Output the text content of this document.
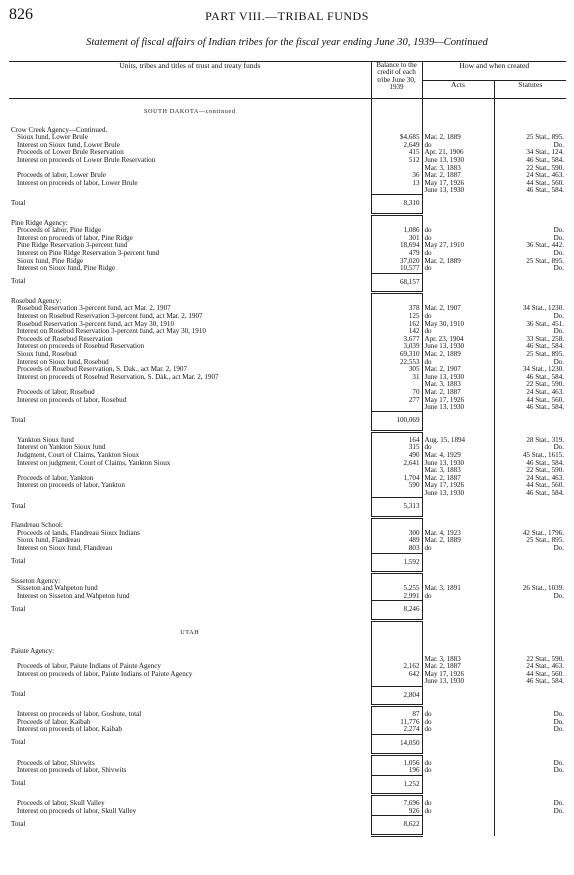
826	PART VIII.—TRIBAL FUNDS
Statement of fiscal affairs of Indian tribes for the fiscal year ending June 30, 1939—Continued
Units, tribes and titles of trust and treaty funds	Balance to the credit of each tribe June 30, 1939	How and when created	
		Acts	Statutes
SOUTH DAKOTA—continued			
Crow Creek Agency—Continued.			
Sioux fund, Lower Brule	$4,685	Mar. 2, 1889	25 Stat., 895.
Interest on Sioux fund, Lower Brule	2,649	do	Do.
Proceeds of Lower Brule Reservation	415	Apr. 21, 1906	34 Stat., 124.
Interest on proceeds of Lower Brule Reservation	512	June 13, 1930	46 Stat., 584.
		Mar. 3, 1883	22 Stat., 590.
Proceeds of labor, Lower Brule	36	Mar. 2, 1887	24 Stat., 463.
Interest on proceeds of labor, Lower Brule	13	May 17, 1926	44 Stat., 560.
		June 13, 1930	46 Stat., 584.
Total	8,310		
Pine Ridge Agency:			
Proceeds of labor, Pine Ridge	1,086	do	Do.
Interest on proceeds of labor, Pine Ridge	301	do	Do.
Pine Ridge Reservation 3-percent fund	18,694	May 27, 1910	36 Stat., 442.
Interest on Pine Ridge Reservation 3-percent fund	479	do	Do.
Sioux fund, Pine Ridge	37,020	Mar. 2, 1889	25 Stat., 895.
Interest on Sioux fund, Pine Ridge	10,577	do	Do.
Total	68,157		
Rosebud Agency:			
Rosebud Reservation 3-percent fund, act Mar. 2, 1907	378	Mar. 2, 1907	34 Stat., 1230.
Interest on Rosebud Reservation 3-percent fund, act Mar. 2, 1907	125	do	Do.
Rosebud Reservation 3-percent fund, act May 30, 1910	162	May 30, 1910	36 Stat., 451.
Interest on Rosebud Reservation 3-percent fund, act May 30, 1910	142	do	Do.
Proceeds of Rosebud Reservation	3,677	Apr. 23, 1904	33 Stat., 258.
Interest on proceeds of Rosebud Reservation	3,039	June 13, 1930	46 Stat., 584.
Sioux fund, Rosebud	69,310	Mar. 2, 1889	25 Stat., 895.
Interest on Sioux fund, Rosebud	22,553	do	Do.
Proceeds of Rosebud Reservation, S. Dak., act Mar. 2, 1907	305	Mar. 2, 1907	34 Stat., 1230.
Interest on proceeds of Rosebud Reservation, S. Dak., act Mar. 2, 1907	31	June 13, 1930	46 Stat., 584.
		Mar. 3, 1883	22 Stat., 590.
Proceeds of labor, Rosebud	70	Mar. 2, 1887	24 Stat., 463.
Interest on proceeds of labor, Rosebud	277	May 17, 1926	44 Stat., 560.
		June 13, 1930	46 Stat., 584.
Total	100,069		

Yankton Sioux fund	164	Aug. 15, 1894	28 Stat., 319.
Interest on Yankton Sioux fund	315	do	Do.
Judgment, Court of Claims, Yankton Sioux	490	Mar. 4, 1929	45 Stat., 1615.
Interest on judgment, Court of Claims, Yankton Sioux	2,641	June 13, 1930	46 Stat., 584.
		Mar. 3, 1883	22 Stat., 590.
Proceeds of labor, Yankton	1,704	Mar. 2, 1887	24 Stat., 463.
Interest on proceeds of labor, Yankton	590	May 17, 1926	44 Stat., 560.
		June 13, 1930	46 Stat., 584.
Total	5,313		
Flandreau School:			
Proceeds of lands, Flandreau Sioux Indians	300	Mar. 4, 1923	42 Stat., 1796.
Sioux fund, Flandreau	489	Mar. 2, 1889	25 Stat., 895.
Interest on Sioux fund, Flandreau	803	do	Do.
Total	1,592		
Sisseton Agency:			
Sisseton and Wahpeton fund	5,255	Mar. 3, 1891	26 Stat., 1039.
Interest on Sisseton and Wahpeton fund	2,991	do	Do.
Total	8,246		
UTAH			
Paiute Agency:			
		Mar. 3, 1883	22 Stat., 590.
Proceeds of labor, Paiute Indians of Paiute Agency	2,162	Mar. 2, 1887	24 Stat., 463.
Interest on proceeds of labor, Paiute Indians of Paiute Agency	642	May 17, 1926	44 Stat., 560.
		June 13, 1930	46 Stat., 584.
Total	2,804		

Interest on proceeds of labor, Goshute, total	87	do	Do.
Proceeds of labor, Kaibab	11,776	do	Do.
Interest on proceeds of labor, Kaibab	2,274	do	Do.
Total	14,050		

Proceeds of labor, Shivwits	1,056	do	Do.
Interest on proceeds of labor, Shivwits	196	do	Do.
Total	1,252		

Proceeds of labor, Skull Valley	7,696	do	Do.
Interest on proceeds of labor, Skull Valley	926	do	Do.
Total	8,622		
